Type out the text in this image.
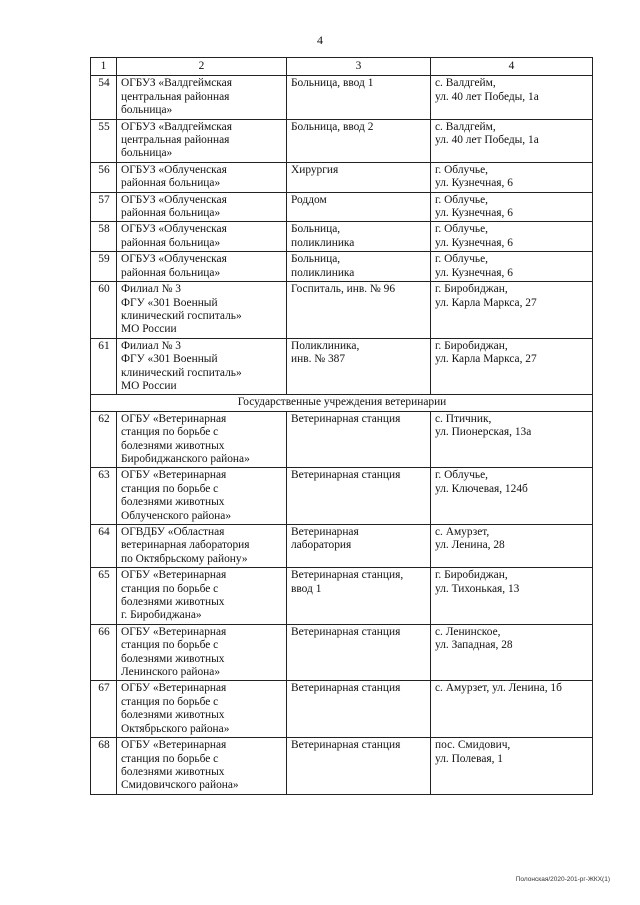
4
1	2	3	4
54	ОГБУЗ «Валдгеймская
центральная районная
больница»	Больница, ввод 1	с. Валдгейм,
ул. 40 лет Победы, 1а

55	ОГБУЗ «Валдгеймская
центральная районная
больница»	Больница, ввод 2	с. Валдгейм,
ул. 40 лет Победы, 1а

56	ОГБУЗ «Облученская
районная больница»	Хирургия	г. Облучье,
ул. Кузнечная, 6

57	ОГБУЗ «Облученская
районная больница»	Роддом	г. Облучье,
ул. Кузнечная, 6

58	ОГБУЗ «Облученская
районная больница»	Больница,
поликлиника	г. Облучье,
ул. Кузнечная, 6

59	ОГБУЗ «Облученская
районная больница»	Больница,
поликлиника	г. Облучье,
ул. Кузнечная, 6

60	Филиал № 3
ФГУ «301 Военный
клинический госпиталь»
МО России	Госпиталь, инв. № 96	г. Биробиджан,
ул. Карла Маркса, 27

61	Филиал № 3
ФГУ «301 Военный
клинический госпиталь»
МО России	Поликлиника,
инв. № 387	г. Биробиджан,
ул. Карла Маркса, 27

Государственные учреждения ветеринарии			
62	ОГБУ «Ветеринарная
станция по борьбе с
болезнями животных
Биробиджанского района»	Ветеринарная станция	с. Птичник,
ул. Пионерская, 13а

63	ОГБУ «Ветеринарная
станция по борьбе с
болезнями животных
Облученского района»	Ветеринарная станция	г. Облучье,
ул. Ключевая, 124б

64	ОГВДБУ «Областная
ветеринарная лаборатория
по Октябрьскому району»	Ветеринарная
лаборатория	с. Амурзет,
ул. Ленина, 28

65	ОГБУ «Ветеринарная
станция по борьбе с
болезнями животных
г. Биробиджана»	Ветеринарная станция,
ввод 1	г. Биробиджан,
ул. Тихонькая, 13

66	ОГБУ «Ветеринарная
станция по борьбе с
болезнями животных
Ленинского района»	Ветеринарная станция	с. Ленинское,
ул. Западная, 28

67	ОГБУ «Ветеринарная
станция по борьбе с
болезнями животных
Октябрьского района»	Ветеринарная станция	с. Амурзет, ул. Ленина, 1б

68	ОГБУ «Ветеринарная
станция по борьбе с
болезнями животных
Смидовичского района»	Ветеринарная станция	пос. Смидович,
ул. Полевая, 1
Полонская/2020-201-рг-ЖКХ(1)
